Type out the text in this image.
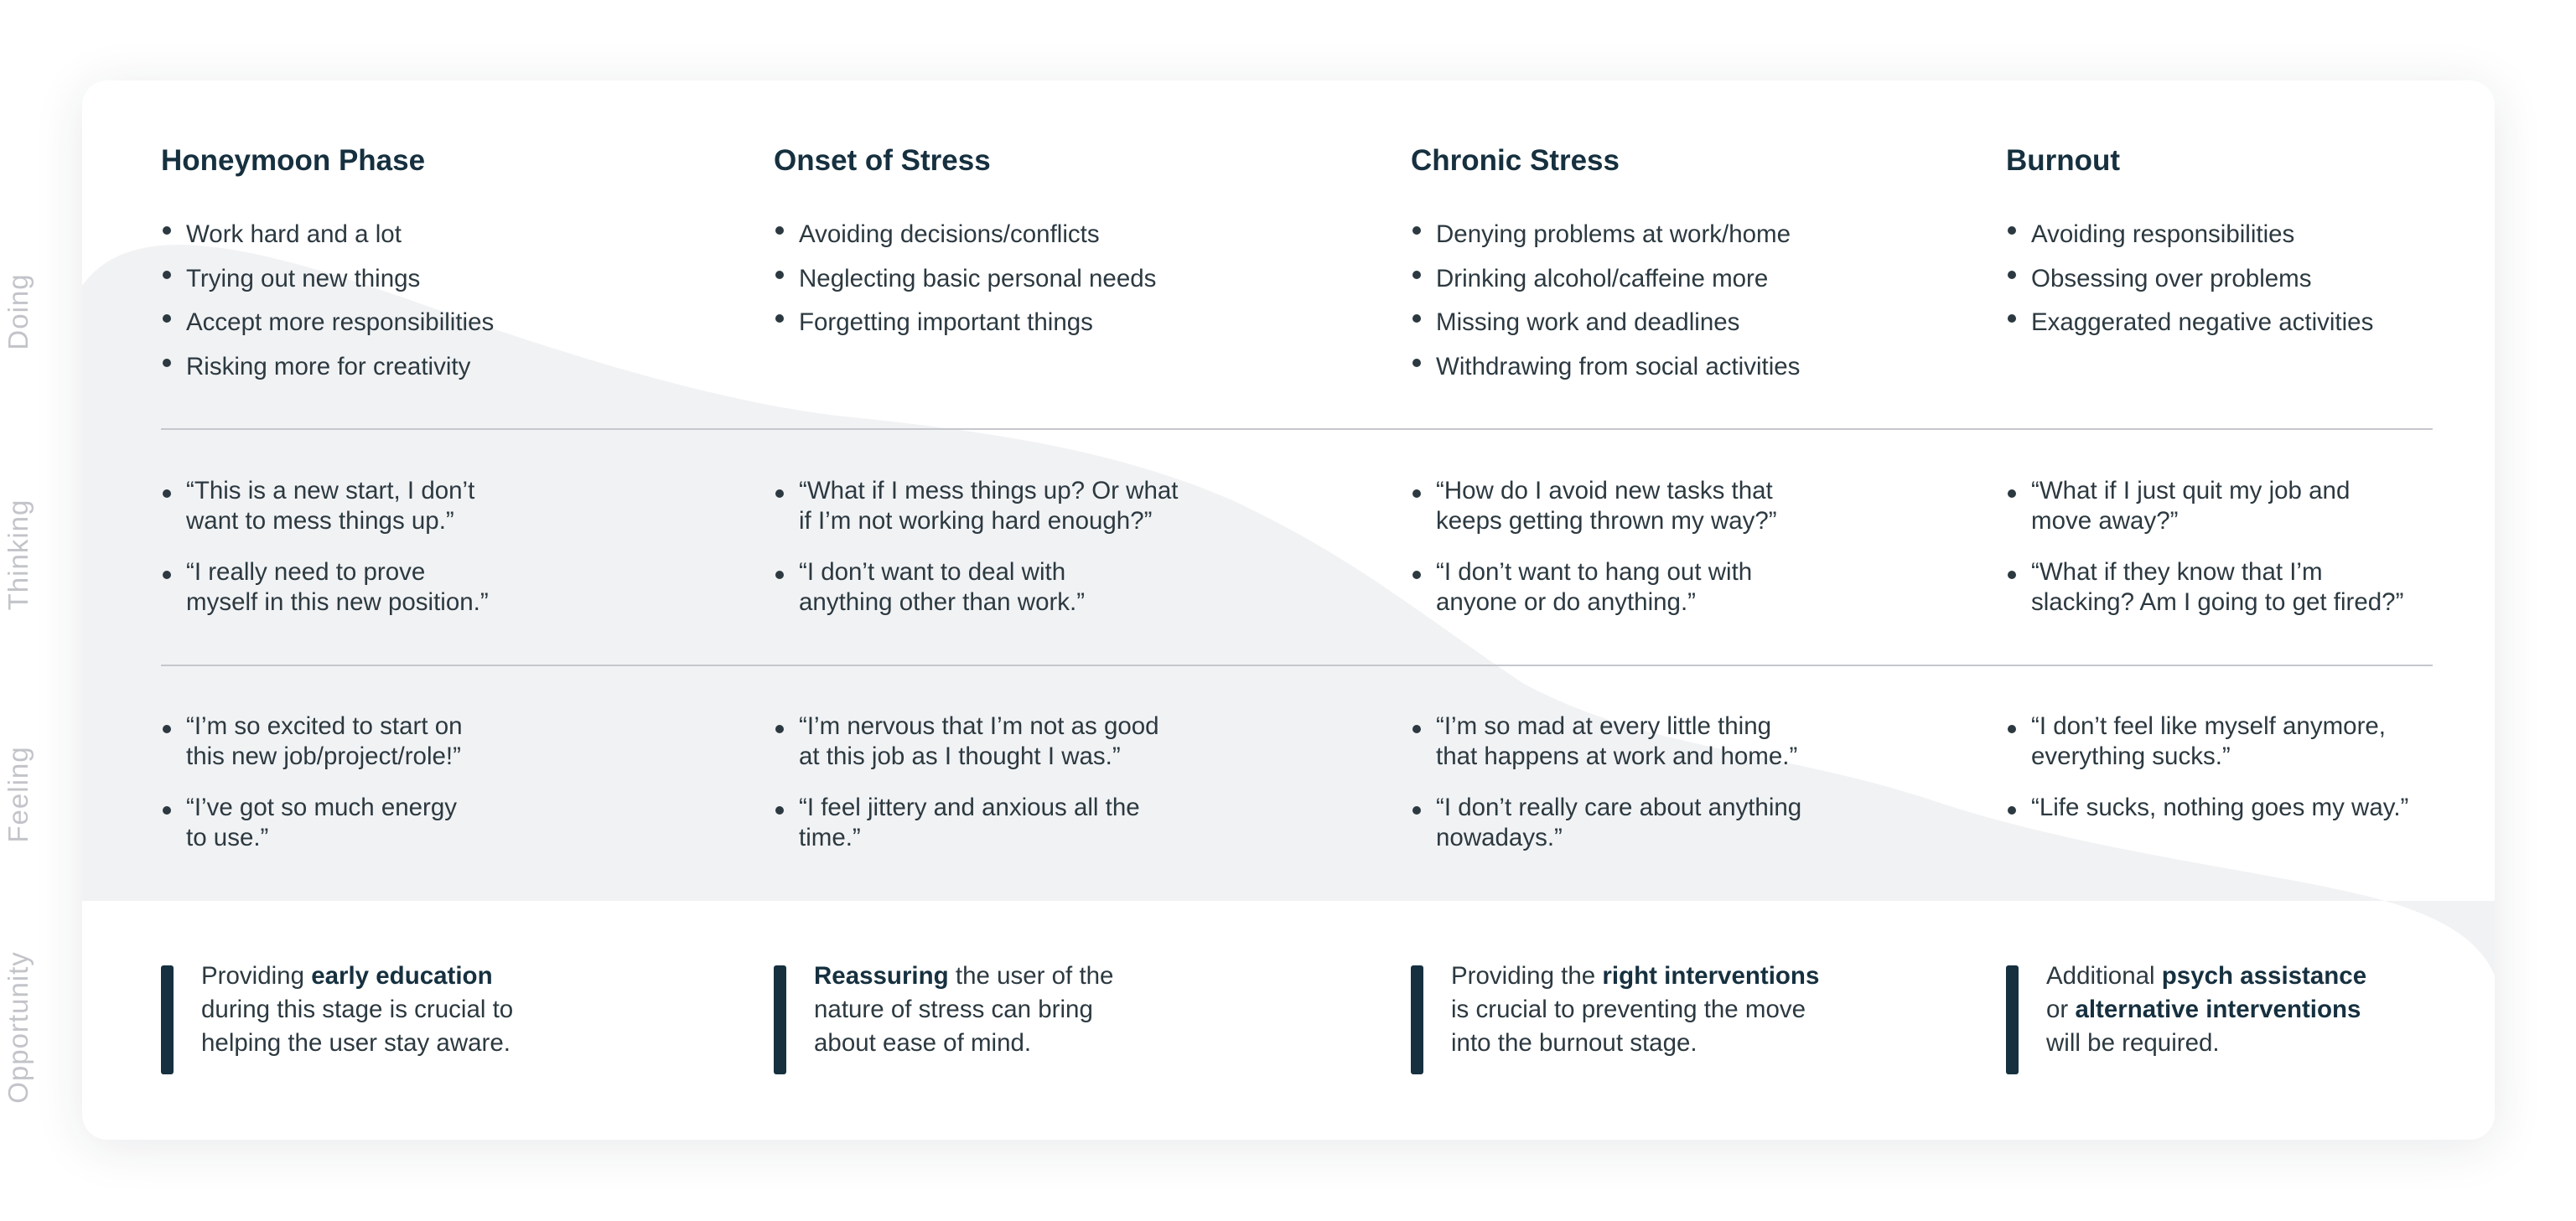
Doing
Thinking
Feeling
Opportunity
Honeymoon Phase
Work hard and a lot
Trying out new things
Accept more responsibilities
Risking more for creativity
“This is a new start, I don’t
want to mess things up.”
“I really need to prove
myself in this new position.”
“I’m so excited to start on
this new job/project/role!”
“I’ve got so much energy
to use.”

Providing early education
during this stage is crucial to
helping the user stay aware.

Onset of Stress
Avoiding decisions/conflicts
Neglecting basic personal needs
Forgetting important things
“What if I mess things up? Or what
if I’m not working hard enough?”
“I don’t want to deal with
anything other than work.”
“I’m nervous that I’m not as good
at this job as I thought I was.”
“I feel jittery and anxious all the
time.”

Reassuring the user of the
nature of stress can bring
about ease of mind.

Chronic Stress
Denying problems at work/home
Drinking alcohol/caffeine more
Missing work and deadlines
Withdrawing from social activities
“How do I avoid new tasks that
keeps getting thrown my way?”
“I don’t want to hang out with
anyone or do anything.”
“I’m so mad at every little thing
that happens at work and home.”
“I don’t really care about anything
nowadays.”

Providing the right interventions
is crucial to preventing the move
into the burnout stage.

Burnout
Avoiding responsibilities
Obsessing over problems
Exaggerated negative activities
“What if I just quit my job and
move away?”
“What if they know that I’m
slacking? Am I going to get fired?”
“I don’t feel like myself anymore,
everything sucks.”
“Life sucks, nothing goes my way.”

Additional psych assistance
or alternative interventions
will be required.
